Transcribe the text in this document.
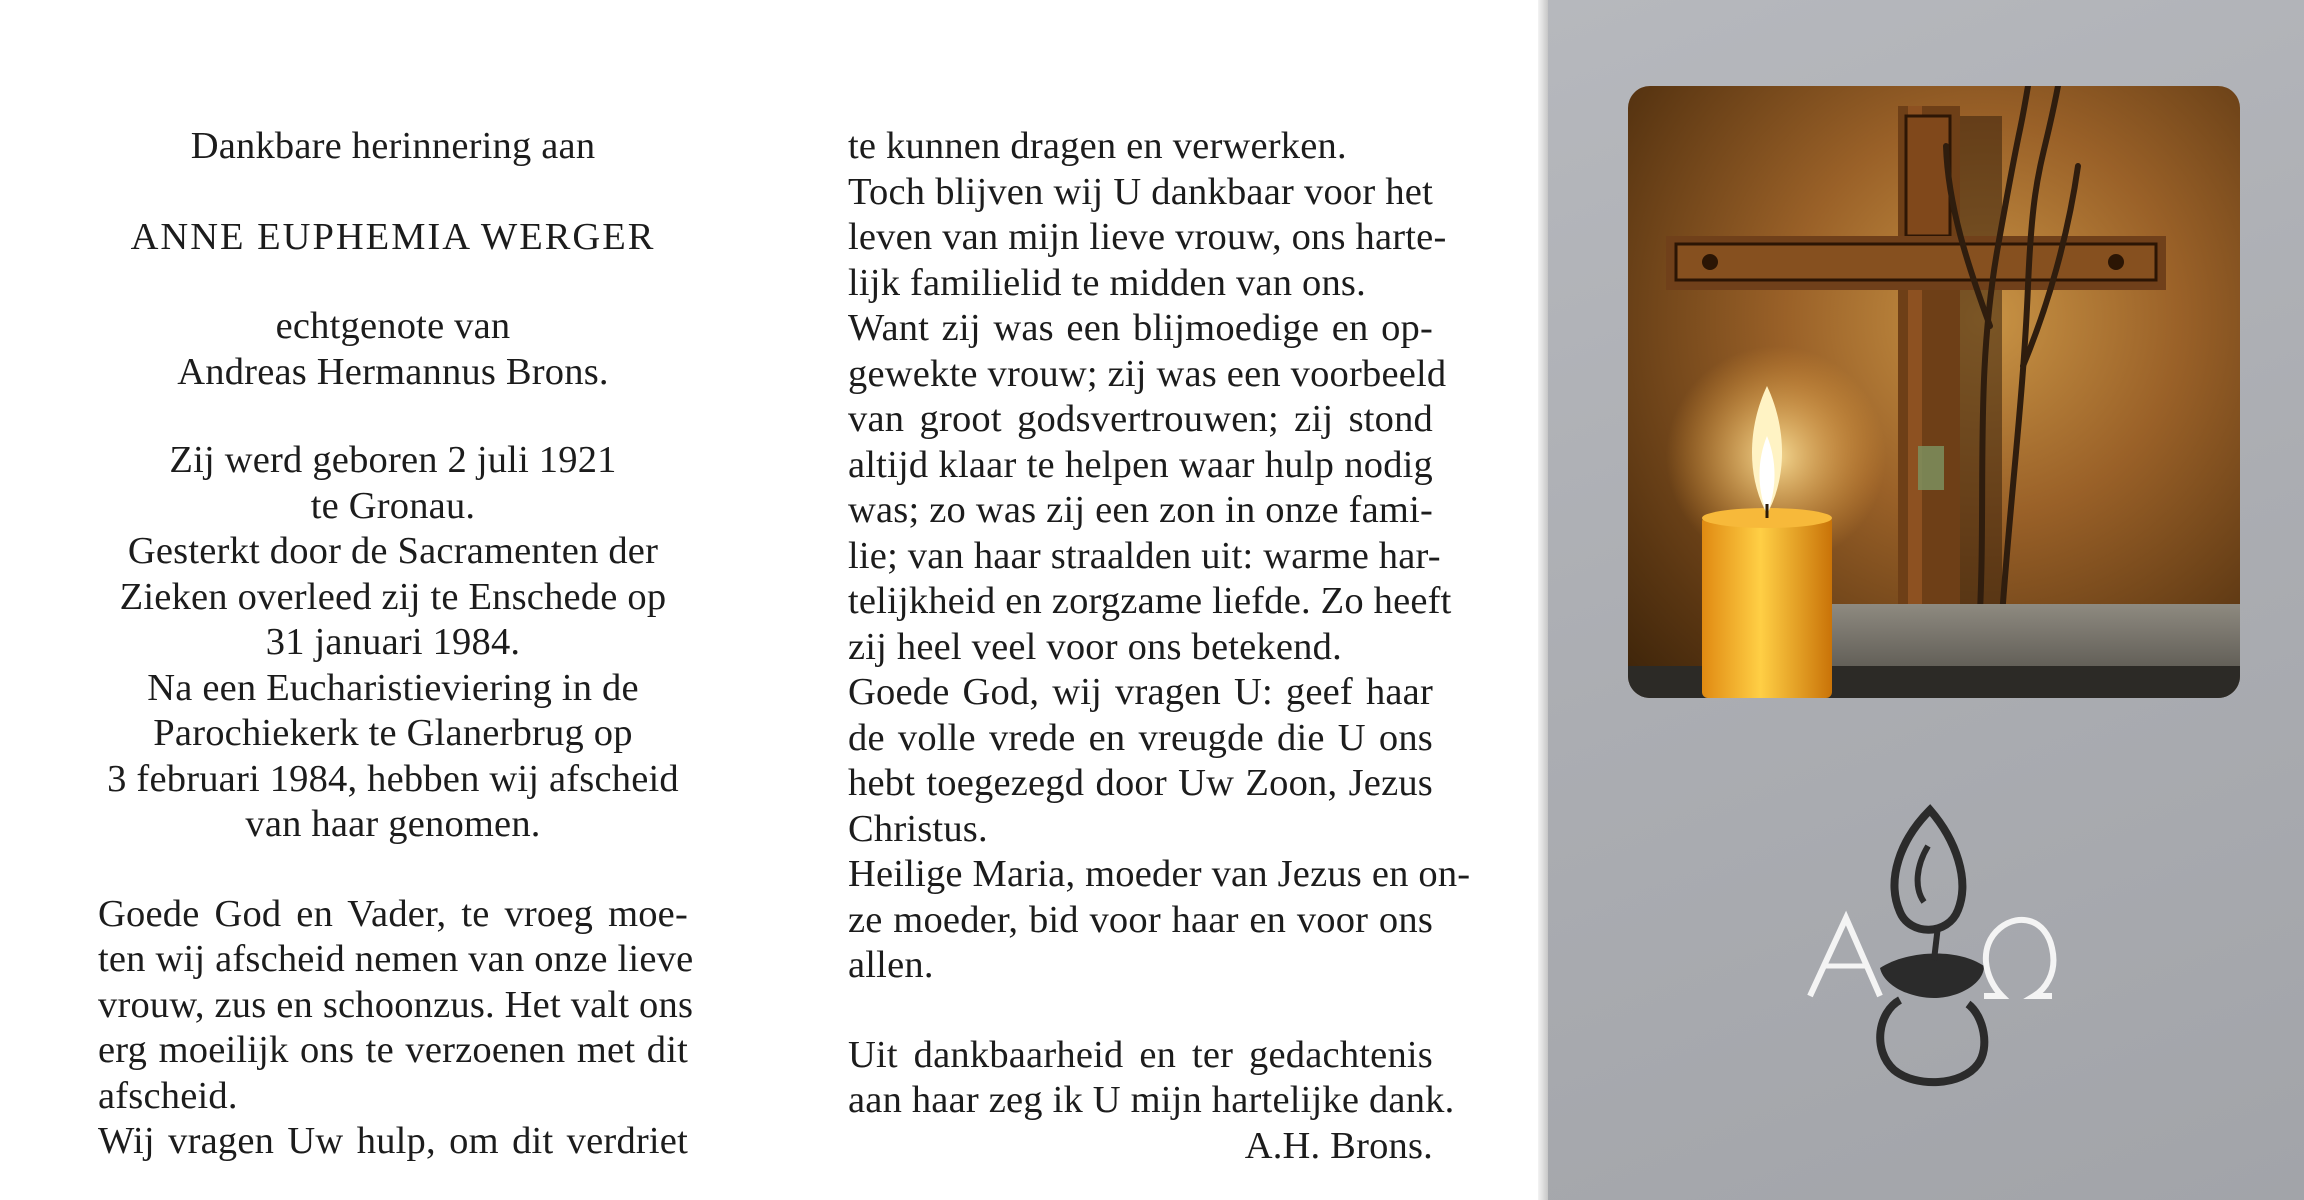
Dankbare herinnering aan
ANNE EUPHEMIA WERGER
echtgenote van
Andreas Hermannus Brons.
Zij werd geboren 2 juli 1921
te Gronau.
Gesterkt door de Sacramenten der
Zieken overleed zij te Enschede op
31 januari 1984.
Na een Eucharistieviering in de
Parochiekerk te Glanerbrug op
3 februari 1984, hebben wij afscheid
van haar genomen.
Goede God en Vader, te vroeg moe-
ten wij afscheid nemen van onze lieve
vrouw, zus en schoonzus. Het valt ons
erg moeilijk ons te verzoenen met dit
afscheid.
Wij vragen Uw hulp, om dit verdriet
te kunnen dragen en verwerken.
Toch blijven wij U dankbaar voor het
leven van mijn lieve vrouw, ons harte-
lijk familielid te midden van ons.
Want zij was een blijmoedige en op-
gewekte vrouw; zij was een voorbeeld
van groot godsvertrouwen; zij stond
altijd klaar te helpen waar hulp nodig
was; zo was zij een zon in onze fami-
lie; van haar straalden uit: warme har-
telijkheid en zorgzame liefde. Zo heeft
zij heel veel voor ons betekend.
Goede God, wij vragen U: geef haar
de volle vrede en vreugde die U ons
hebt toegezegd door Uw Zoon, Jezus
Christus.
Heilige Maria, moeder van Jezus en on-
ze moeder, bid voor haar en voor ons
allen.
Uit dankbaarheid en ter gedachtenis
aan haar zeg ik U mijn hartelijke dank.
A.H. Brons.
